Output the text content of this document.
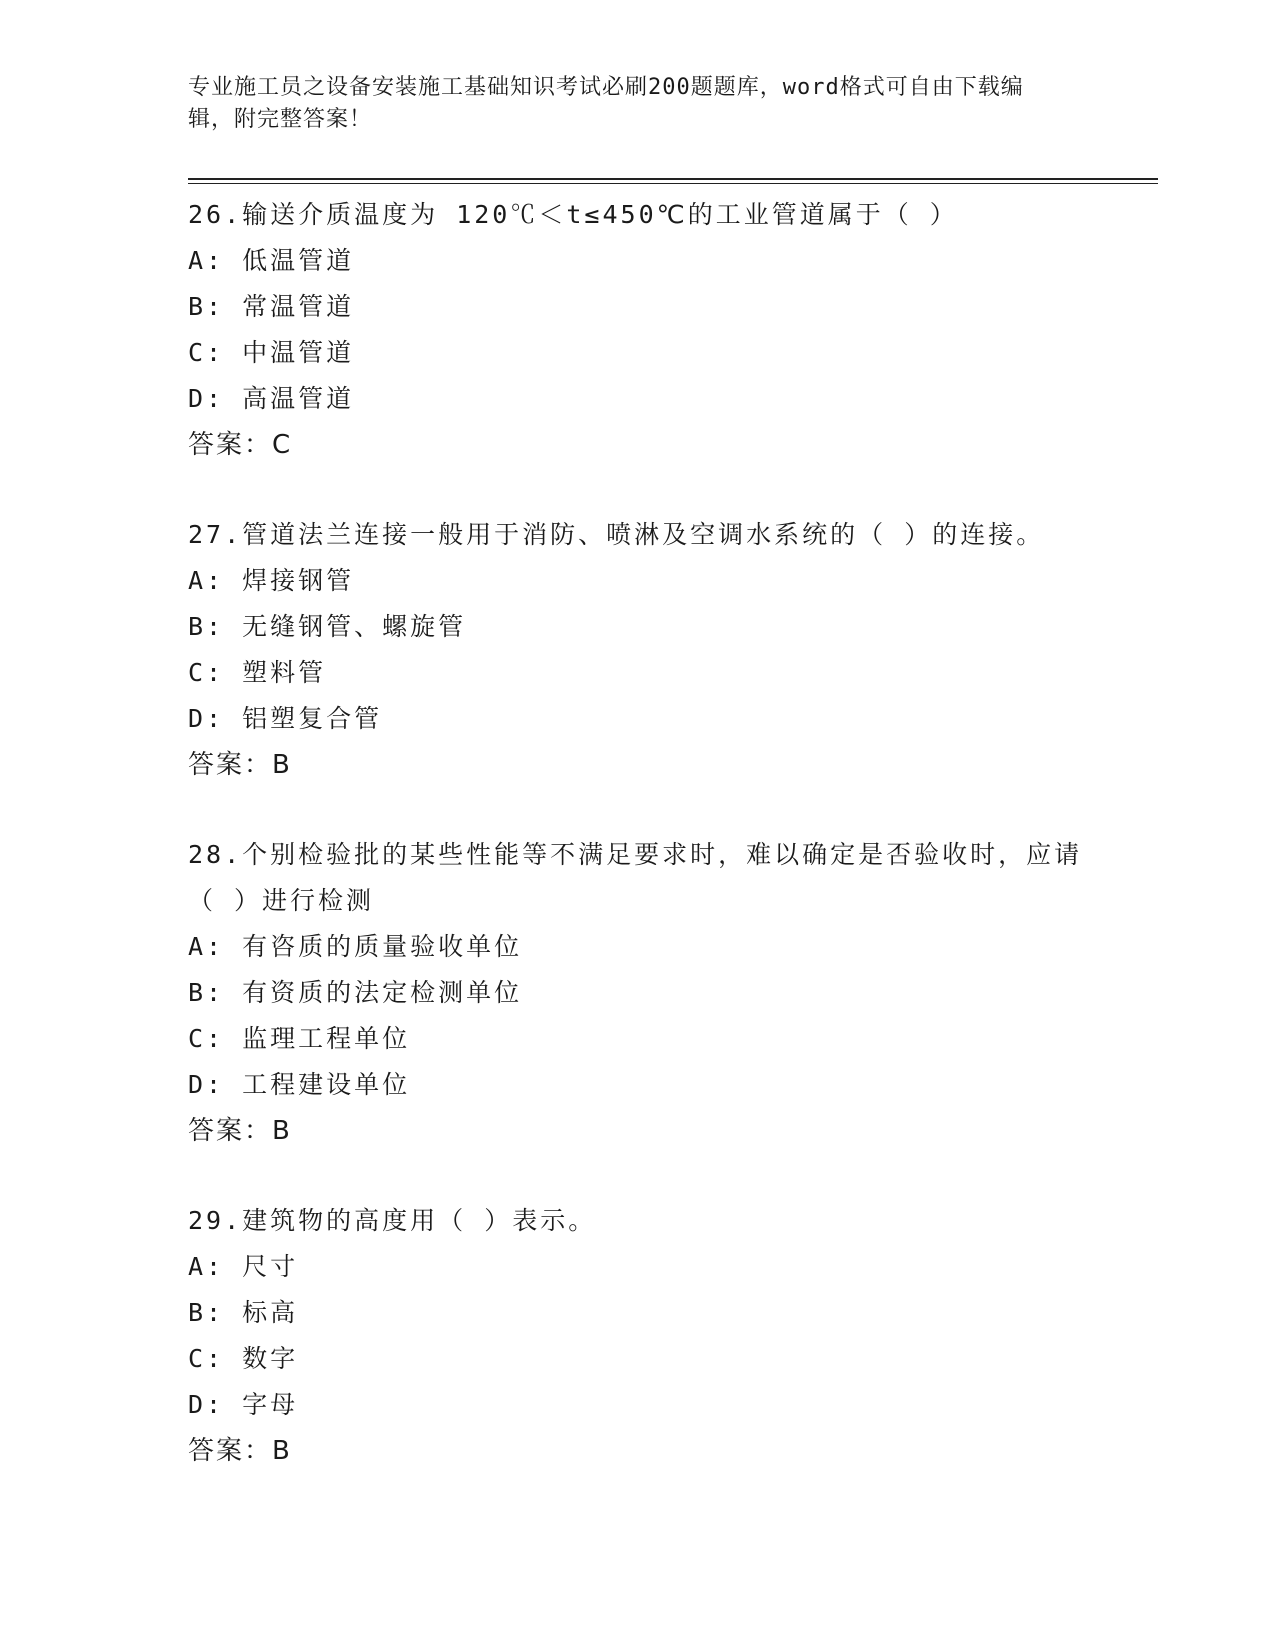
专业施工员之设备安装施工基础知识考试必刷200题题库，word格式可自由下载编辑，附完整答案！
26.输送介质温度为 120℃＜t≤450℃的工业管道属于（ ）
A: 低温管道
B: 常温管道
C: 中温管道
D: 高温管道
答案：C
27.管道法兰连接一般用于消防、喷淋及空调水系统的（ ）的连接。
A: 焊接钢管
B: 无缝钢管、螺旋管
C: 塑料管
D: 铝塑复合管
答案：B
28.个别检验批的某些性能等不满足要求时，难以确定是否验收时，应请（ ）进行检测
A: 有咨质的质量验收单位
B: 有资质的法定检测单位
C: 监理工程单位
D: 工程建设单位
答案：B
29.建筑物的高度用（ ）表示。
A: 尺寸
B: 标高
C: 数字
D: 字母
答案：B
